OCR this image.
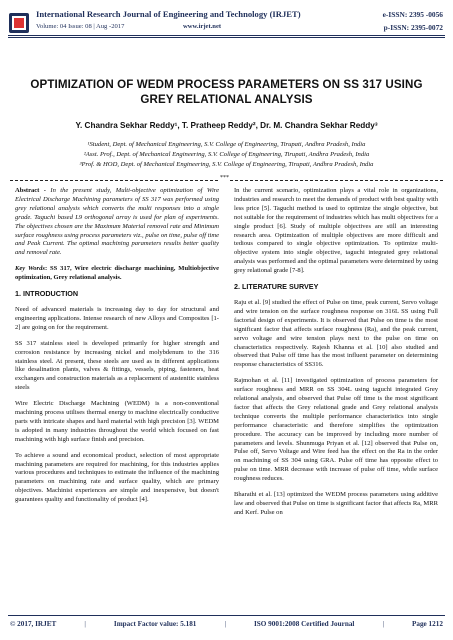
International Research Journal of Engineering and Technology (IRJET)	e-ISSN: 2395 -0056
Volume: 04 Issue: 08 | Aug -2017	www.irjet.net	p-ISSN: 2395-0072
OPTIMIZATION OF WEDM PROCESS PARAMETERS ON SS 317 USING GREY RELATIONAL ANALYSIS
Y. Chandra Sekhar Reddy¹, T. Pratheep Reddy², Dr. M. Chandra Sekhar Reddy³
¹Student, Dept. of Mechanical Engineering, S.V. College of Engineering, Tirupati, Andhra Pradesh, India
²Asst. Prof., Dept. of Mechanical Engineering, S.V. College of Engineering, Tirupati, Andhra Pradesh, India
³Prof. & HOD, Dept. of Mechanical Engineering, S.V. College of Engineering, Tirupati, Andhra Pradesh, India
***

Abstract - In the present study, Multi-objective optimization of Wire Electrical Discharge Machining parameters of SS 317 was performed using grey relational analysis which converts the multi responses into a single grade. Taguchi based L9 orthogonal array is used for plan of experiments. The objectives chosen are the Maximum Material removal rate and Minimum surface roughness using process parameters viz., pulse on time, pulse off time and Peak Current. The optimal machining parameters results better quality and removal rate.

Key Words: SS 317, Wire electric discharge machining, Multiobjective optimization, Grey relational analysis.

1. INTRODUCTION

Need of advanced materials is increasing day to day for structural and engineering applications. Intense research of new Alloys and Composites [1-2] are going on for the requirement.

SS 317 stainless steel is developed primarily for higher strength and corrosion resistance by increasing nickel and molybdenum to the 316 stainless steel. At present, these steels are used as in different applications like desalination plants, valves & fittings, vessels, piping, fasteners, heat exchangers and construction materials as a replacement of austenitic stainless steels

Wire Electric Discharge Machining (WEDM) is a non-conventional machining process utilises thermal energy to machine electrically conductive parts with intricate shapes and hard material with high precision [3]. WEDM is adopted in many industries throughout the world which focused on fast machining with high surface finish and precision.

To achieve a sound and economical product, selection of most appropriate machining parameters are required for machining, for this industries applies various procedures and techniques to estimate the influence of the machining parameters on machining rate and surface quality, which are primary objectives. Machinist experiences are simple and inexpensive, but doesn't guarantees quality and functionality of product [4].

In the current scenario, optimization plays a vital role in organizations, industries and research to meet the demands of product with best quality with less price [5]. Taguchi method is used to optimize the single objective, but not suitable for the requirement of industries which has multi objectives for a single product [6]. Study of multiple objectives are still an interesting research area. Optimization of multiple objectives are more difficult and tedious compared to single objective optimization. To optimize multi-objective system into single objective, taguchi integrated grey relational analysis was performed and the optimal parameters were determined by using grey relational grade [7-8].

2. LITERATURE SURVEY

Raju et al. [9] studied the effect of Pulse on time, peak current, Servo voltage and wire tension on the surface roughness response on 316L SS using Full factorial design of experiments. It is observed that Pulse on time is the most significant factor that affects surface roughness (Ra), and the peak current, servo voltage and wire tension plays next to the pulse on time on characteristics respectively. Rajesh Khanna et al. [10] also studied and observed that Pulse off time has the most influent parameter on determining response characteristics of SS316.

Rajmohan et al. [11] investigated optimization of process parameters for surface roughness and MRR on SS 304L using taguchi integrated Grey relational analysis, and observed that Pulse off time is the most significant factor that affects the Grey relational grade and Grey relational analysis technique converts the multiple performance characteristics into single performance characteristic and therefore simplifies the optimization procedure. The accuracy can be improved by including more number of parameters and levels. Shunmuga Priyan et al. [12] observed that Pulse on, Pulse off, Servo Voltage and Wire feed has the effect on the Ra in the order on machining of SS 304 using GRA. Pulse off time has opposite effect to pulse on time. MRR decrease with increase of pulse off time, while surface roughness reduces.

Bharathi et al. [13] optimized the WEDM process parameters using additive law and observed that Pulse on time is significant factor that affects Ra, MRR and Kerf. Pulse on

© 2017, IRJET	|	Impact Factor value: 5.181	|	ISO 9001:2008 Certified Journal	|	Page 1212
